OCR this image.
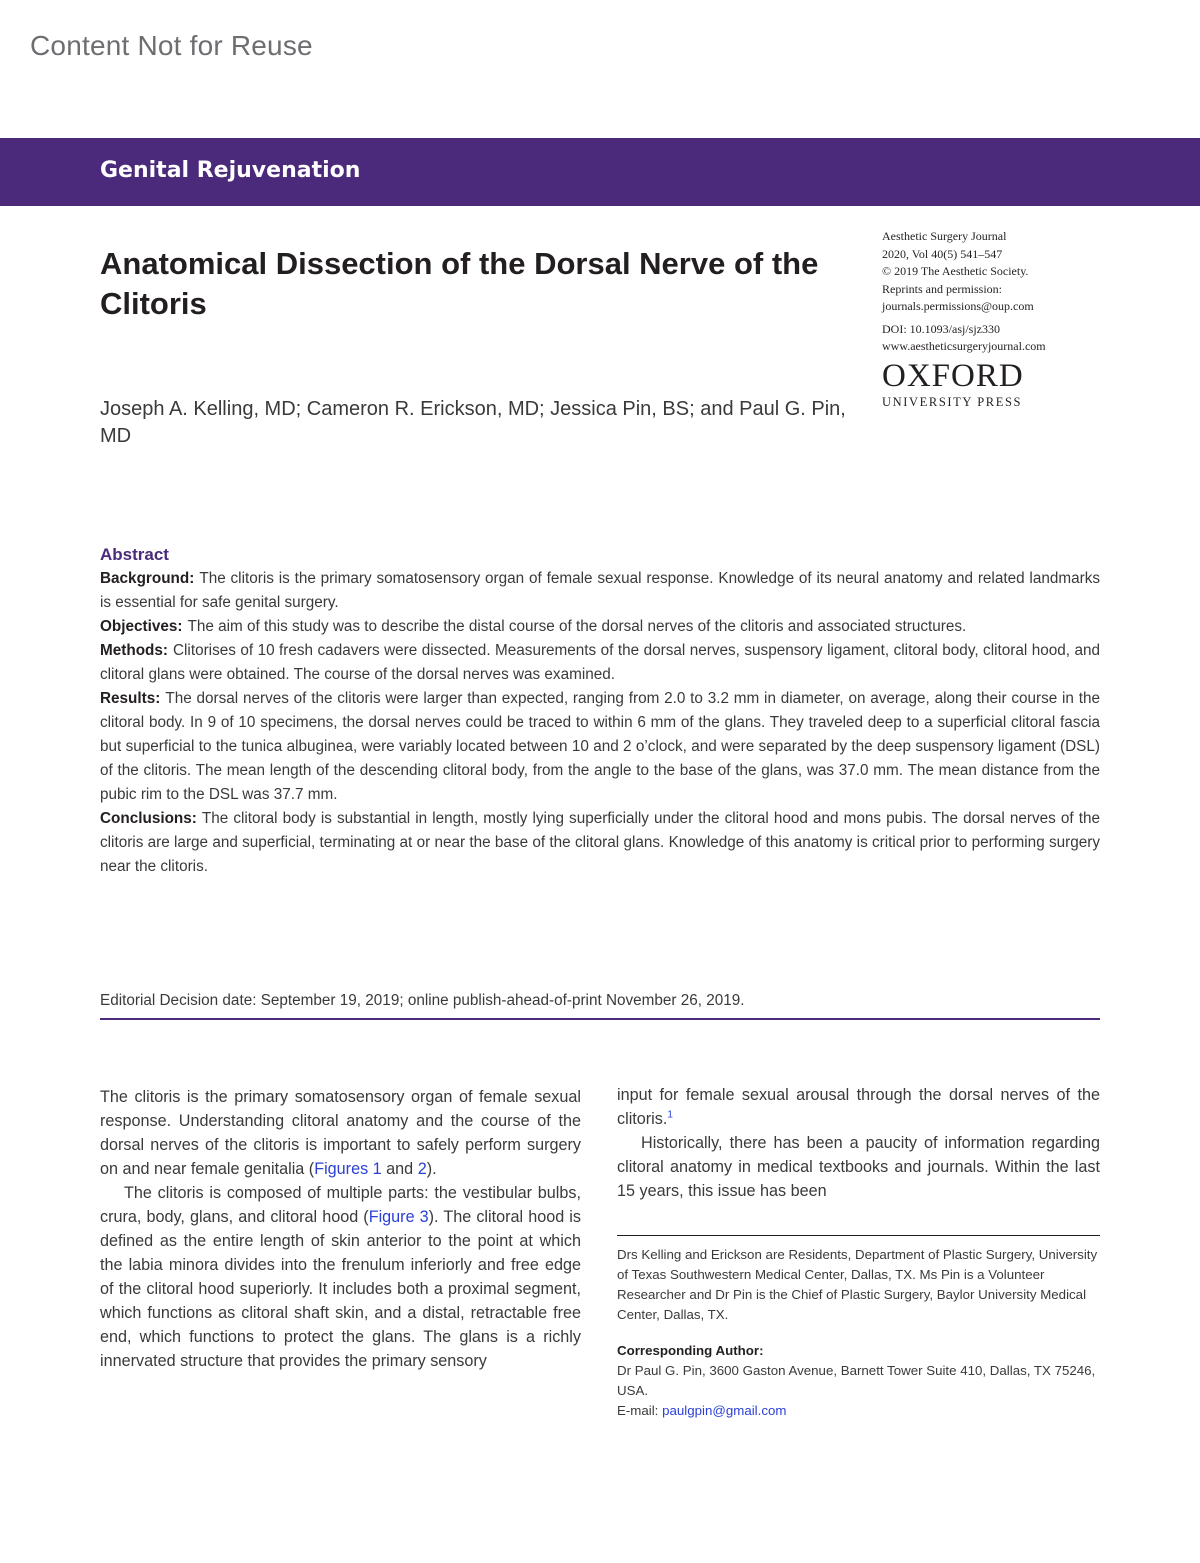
Content Not for Reuse
Genital Rejuvenation
Anatomical Dissection of the Dorsal Nerve of the Clitoris
Aesthetic Surgery Journal
2020, Vol 40(5) 541–547
© 2019 The Aesthetic Society.
Reprints and permission:
journals.permissions@oup.com
DOI: 10.1093/asj/sjz330
www.aestheticsurgeryjournal.com
OXFORD
UNIVERSITY PRESS
Joseph A. Kelling, MD; Cameron R. Erickson, MD; Jessica Pin, BS; and Paul G. Pin, MD
Abstract

Background: The clitoris is the primary somatosensory organ of female sexual response. Knowledge of its neural anatomy and related landmarks is essential for safe genital surgery.

Objectives: The aim of this study was to describe the distal course of the dorsal nerves of the clitoris and associated structures.

Methods: Clitorises of 10 fresh cadavers were dissected. Measurements of the dorsal nerves, suspensory ligament, clitoral body, clitoral hood, and clitoral glans were obtained. The course of the dorsal nerves was examined.

Results: The dorsal nerves of the clitoris were larger than expected, ranging from 2.0 to 3.2 mm in diameter, on average, along their course in the clitoral body. In 9 of 10 specimens, the dorsal nerves could be traced to within 6 mm of the glans. They traveled deep to a superficial clitoral fascia but superficial to the tunica albuginea, were variably located between 10 and 2 o’clock, and were separated by the deep suspensory ligament (DSL) of the clitoris. The mean length of the descending clitoral body, from the angle to the base of the glans, was 37.0 mm. The mean distance from the pubic rim to the DSL was 37.7 mm.

Conclusions: The clitoral body is substantial in length, mostly lying superficially under the clitoral hood and mons pubis. The dorsal nerves of the clitoris are large and superficial, terminating at or near the base of the clitoral glans. Knowledge of this anatomy is critical prior to performing surgery near the clitoris.

Editorial Decision date: September 19, 2019; online publish-ahead-of-print November 26, 2019.

The clitoris is the primary somatosensory organ of female sexual response. Understanding clitoral anatomy and the course of the dorsal nerves of the clitoris is important to safely perform surgery on and near female genitalia (Figures 1 and 2).

The clitoris is composed of multiple parts: the vestibular bulbs, crura, body, glans, and clitoral hood (Figure 3). The clitoral hood is defined as the entire length of skin anterior to the point at which the labia minora divides into the frenulum inferiorly and free edge of the clitoral hood superiorly. It includes both a proximal segment, which functions as clitoral shaft skin, and a distal, retractable free end, which functions to protect the glans. The glans is a richly innervated structure that provides the primary sensory

input for female sexual arousal through the dorsal nerves of the clitoris.$^1$

Historically, there has been a paucity of information regarding clitoral anatomy in medical textbooks and journals. Within the last 15 years, this issue has been

Drs Kelling and Erickson are Residents, Department of Plastic Surgery, University of Texas Southwestern Medical Center, Dallas, TX. Ms Pin is a Volunteer Researcher and Dr Pin is the Chief of Plastic Surgery, Baylor University Medical Center, Dallas, TX.
Corresponding Author:
Dr Paul G. Pin, 3600 Gaston Avenue, Barnett Tower Suite 410, Dallas, TX 75246, USA.
E-mail: paulgpin@gmail.com
